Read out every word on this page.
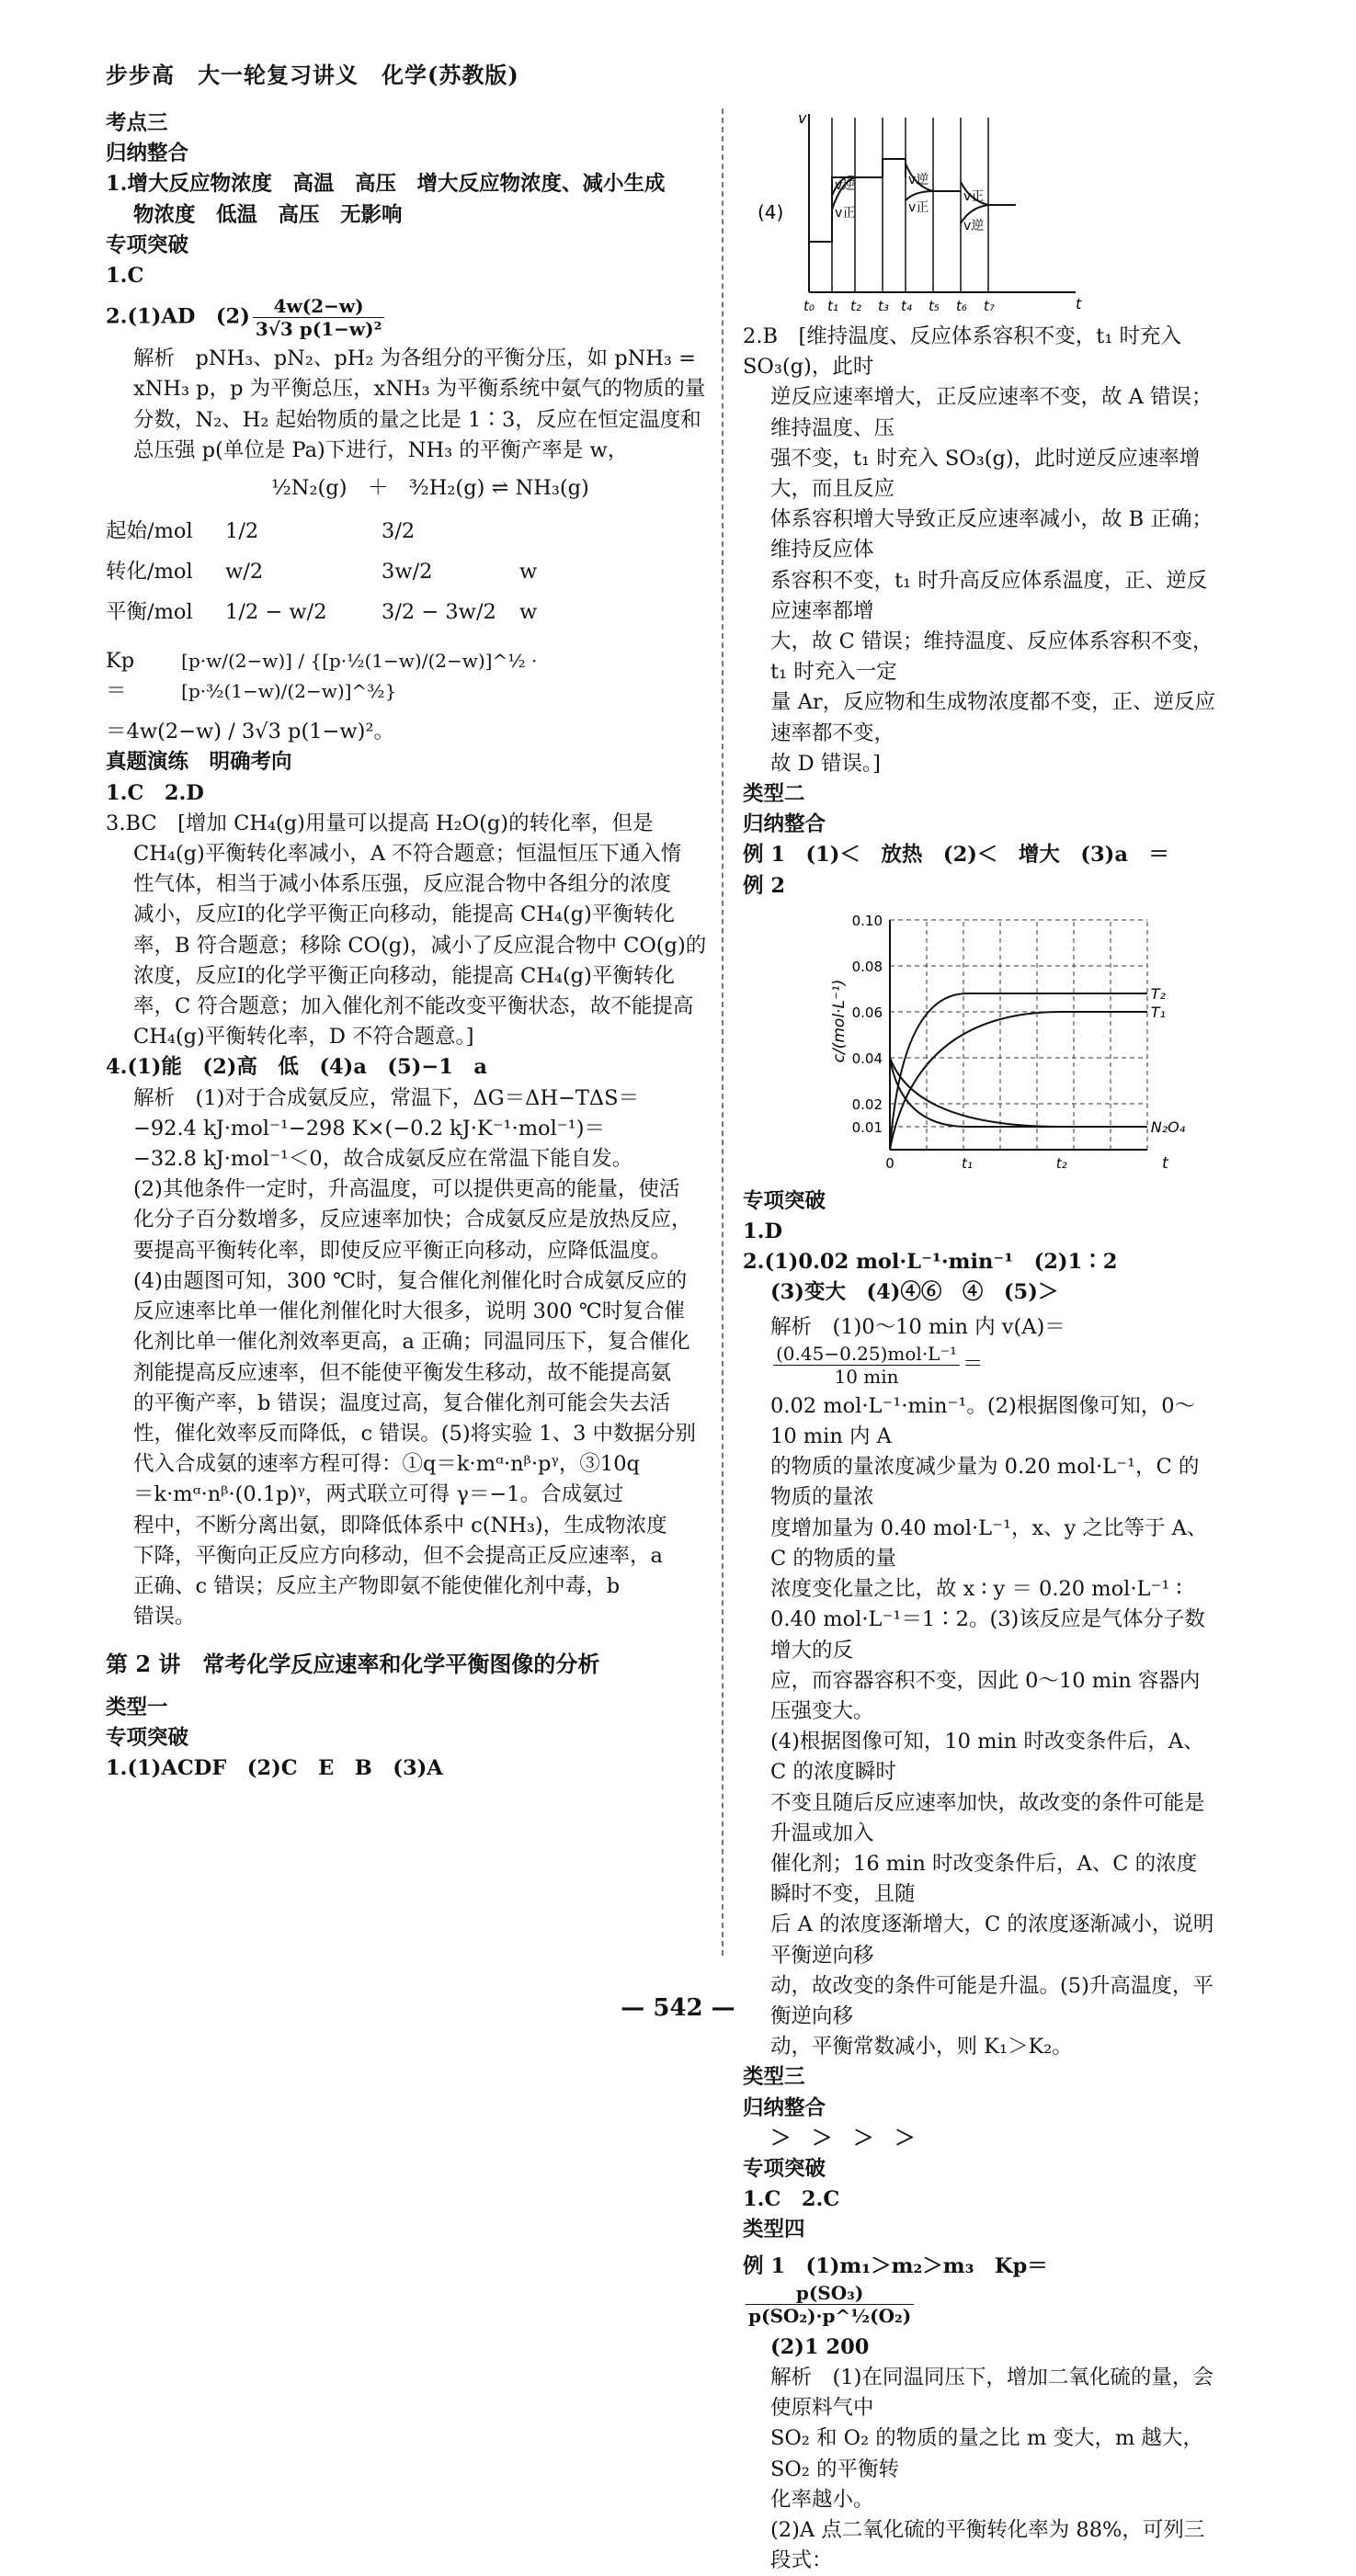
步步高　大一轮复习讲义　化学(苏教版)

考点三

归纳整合

1.增大反应物浓度　高温　高压　增大反应物浓度、减小生成

物浓度　低温　高压　无影响

专项突破

1.C

2.(1)AD　$(2) \frac{4w(2-w)}{\text{3√3 p(1−w)²}}$

解析　pNH₃、pN₂、pH₂ 为各组分的平衡分压，如 pNH₃ =

xNH₃ p，p 为平衡总压，xNH₃ 为平衡系统中氨气的物质的量

分数，N₂、H₂ 起始物质的量之比是 1∶3，反应在恒定温度和

总压强 p(单位是 Pa)下进行，NH₃ 的平衡产率是 w，

½N₂(g)　＋　³⁄₂H₂(g) ⇌ NH₃(g)

起始/mol	1/2	3/2
转化/mol	w/2	3w/2	w
平衡/mol	1/2 − w/2	3/2 − 3w/2	w
Kp　　＝
[p·w/(2−w)] / {[p·½(1−w)/(2−w)]^½ · [p·³⁄₂(1−w)/(2−w)]^³⁄₂}

＝4w(2−w) / 3√3 p(1−w)²。

真题演练　明确考向

1.C　2.D

3.BC　[增加 CH₄(g)用量可以提高 H₂O(g)的转化率，但是

CH₄(g)平衡转化率减小，A 不符合题意；恒温恒压下通入惰

性气体，相当于减小体系压强，反应混合物中各组分的浓度

减小，反应Ⅰ的化学平衡正向移动，能提高 CH₄(g)平衡转化

率，B 符合题意；移除 CO(g)，减小了反应混合物中 CO(g)的

浓度，反应Ⅰ的化学平衡正向移动，能提高 CH₄(g)平衡转化

率，C 符合题意；加入催化剂不能改变平衡状态，故不能提高

CH₄(g)平衡转化率，D 不符合题意。]

4.(1)能　(2)高　低　(4)a　(5)−1　a

解析　(1)对于合成氨反应，常温下，ΔG＝ΔH−TΔS＝

−92.4 kJ·mol⁻¹−298 K×(−0.2 kJ·K⁻¹·mol⁻¹)＝

−32.8 kJ·mol⁻¹＜0，故合成氨反应在常温下能自发。

(2)其他条件一定时，升高温度，可以提供更高的能量，使活

化分子百分数增多，反应速率加快；合成氨反应是放热反应，

要提高平衡转化率，即使反应平衡正向移动，应降低温度。

(4)由题图可知，300 ℃时，复合催化剂催化时合成氨反应的

反应速率比单一催化剂催化时大很多，说明 300 ℃时复合催

化剂比单一催化剂效率更高，a 正确；同温同压下，复合催化

剂能提高反应速率，但不能使平衡发生移动，故不能提高氨

的平衡产率，b 错误；温度过高，复合催化剂可能会失去活

性，催化效率反而降低，c 错误。(5)将实验 1、3 中数据分别

代入合成氨的速率方程可得：①q＝k·mᵅ·nᵝ·pᵞ，③10q

＝k·mᵅ·nᵝ·(0.1p)ᵞ，两式联立可得 γ＝−1。合成氨过

程中，不断分离出氨，即降低体系中 c(NH₃)，生成物浓度

下降，平衡向正反应方向移动，但不会提高正反应速率，a

正确、c 错误；反应主产物即氨不能使催化剂中毒，b

错误。

第 2 讲　常考化学反应速率和化学平衡图像的分析

类型一

专项突破

1.(1)ACDF　(2)C　E　B　(3)A

(4)
v
t
v逆
v正
v逆
v正
v正
v逆
t₀ t₁ t₂ t₃ t₄ t₅ t₆ t₇

2.B　[维持温度、反应体系容积不变，t₁ 时充入 SO₃(g)，此时

逆反应速率增大，正反应速率不变，故 A 错误；维持温度、压

强不变，t₁ 时充入 SO₃(g)，此时逆反应速率增大，而且反应

体系容积增大导致正反应速率减小，故 B 正确；维持反应体

系容积不变，t₁ 时升高反应体系温度，正、逆反应速率都增

大，故 C 错误；维持温度、反应体系容积不变，t₁ 时充入一定

量 Ar，反应物和生成物浓度都不变，正、逆反应速率都不变，

故 D 错误。]

类型二

归纳整合

例 1　(1)＜　放热　(2)＜　增大　(3)a　＝

例 2

c/(mol·L⁻¹)
0.10
0.08
0.06
0.04
0.02
0.01
0	t₁	t₂
T₂
T₁
N₂O₄
t

专项突破

1.D

2.(1)0.02 mol·L⁻¹·min⁻¹　(2)1∶2

(3)变大　(4)④⑥　④　(5)＞

解析　(1)0～10 min 内 v(A)＝
$\frac{\text{(0.45−0.25)mol·L⁻¹}}{10 \min}$ ＝

0.02 mol·L⁻¹·min⁻¹。(2)根据图像可知，0～10 min 内 A

的物质的量浓度减少量为 0.20 mol·L⁻¹，C 的物质的量浓

度增加量为 0.40 mol·L⁻¹，x、y 之比等于 A、C 的物质的量

浓度变化量之比，故 x ∶ y ＝ 0.20 mol·L⁻¹ ∶

0.40 mol·L⁻¹＝1∶2。(3)该反应是气体分子数增大的反

应，而容器容积不变，因此 0～10 min 容器内压强变大。

(4)根据图像可知，10 min 时改变条件后，A、C 的浓度瞬时

不变且随后反应速率加快，故改变的条件可能是升温或加入

催化剂；16 min 时改变条件后，A、C 的浓度瞬时不变，且随

后 A 的浓度逐渐增大，C 的浓度逐渐减小，说明平衡逆向移

动，故改变的条件可能是升温。(5)升高温度，平衡逆向移

动，平衡常数减小，则 K₁＞K₂。

类型三

归纳整合

＞　＞　＞　＞

专项突破

1.C　2.C

类型四

例 1　(1)m₁＞m₂＞m₃　Kp＝
$\frac{\text{p(SO₃)}}{\text{p(SO₂)·p\textasciicircum{}½(O₂)}}$

(2)1 200

解析　(1)在同温同压下，增加二氧化硫的量，会使原料气中

SO₂ 和 O₂ 的物质的量之比 m 变大，m 越大，SO₂ 的平衡转

化率越小。

(2)A 点二氧化硫的平衡转化率为 88%，可列三段式：

— 542 —
